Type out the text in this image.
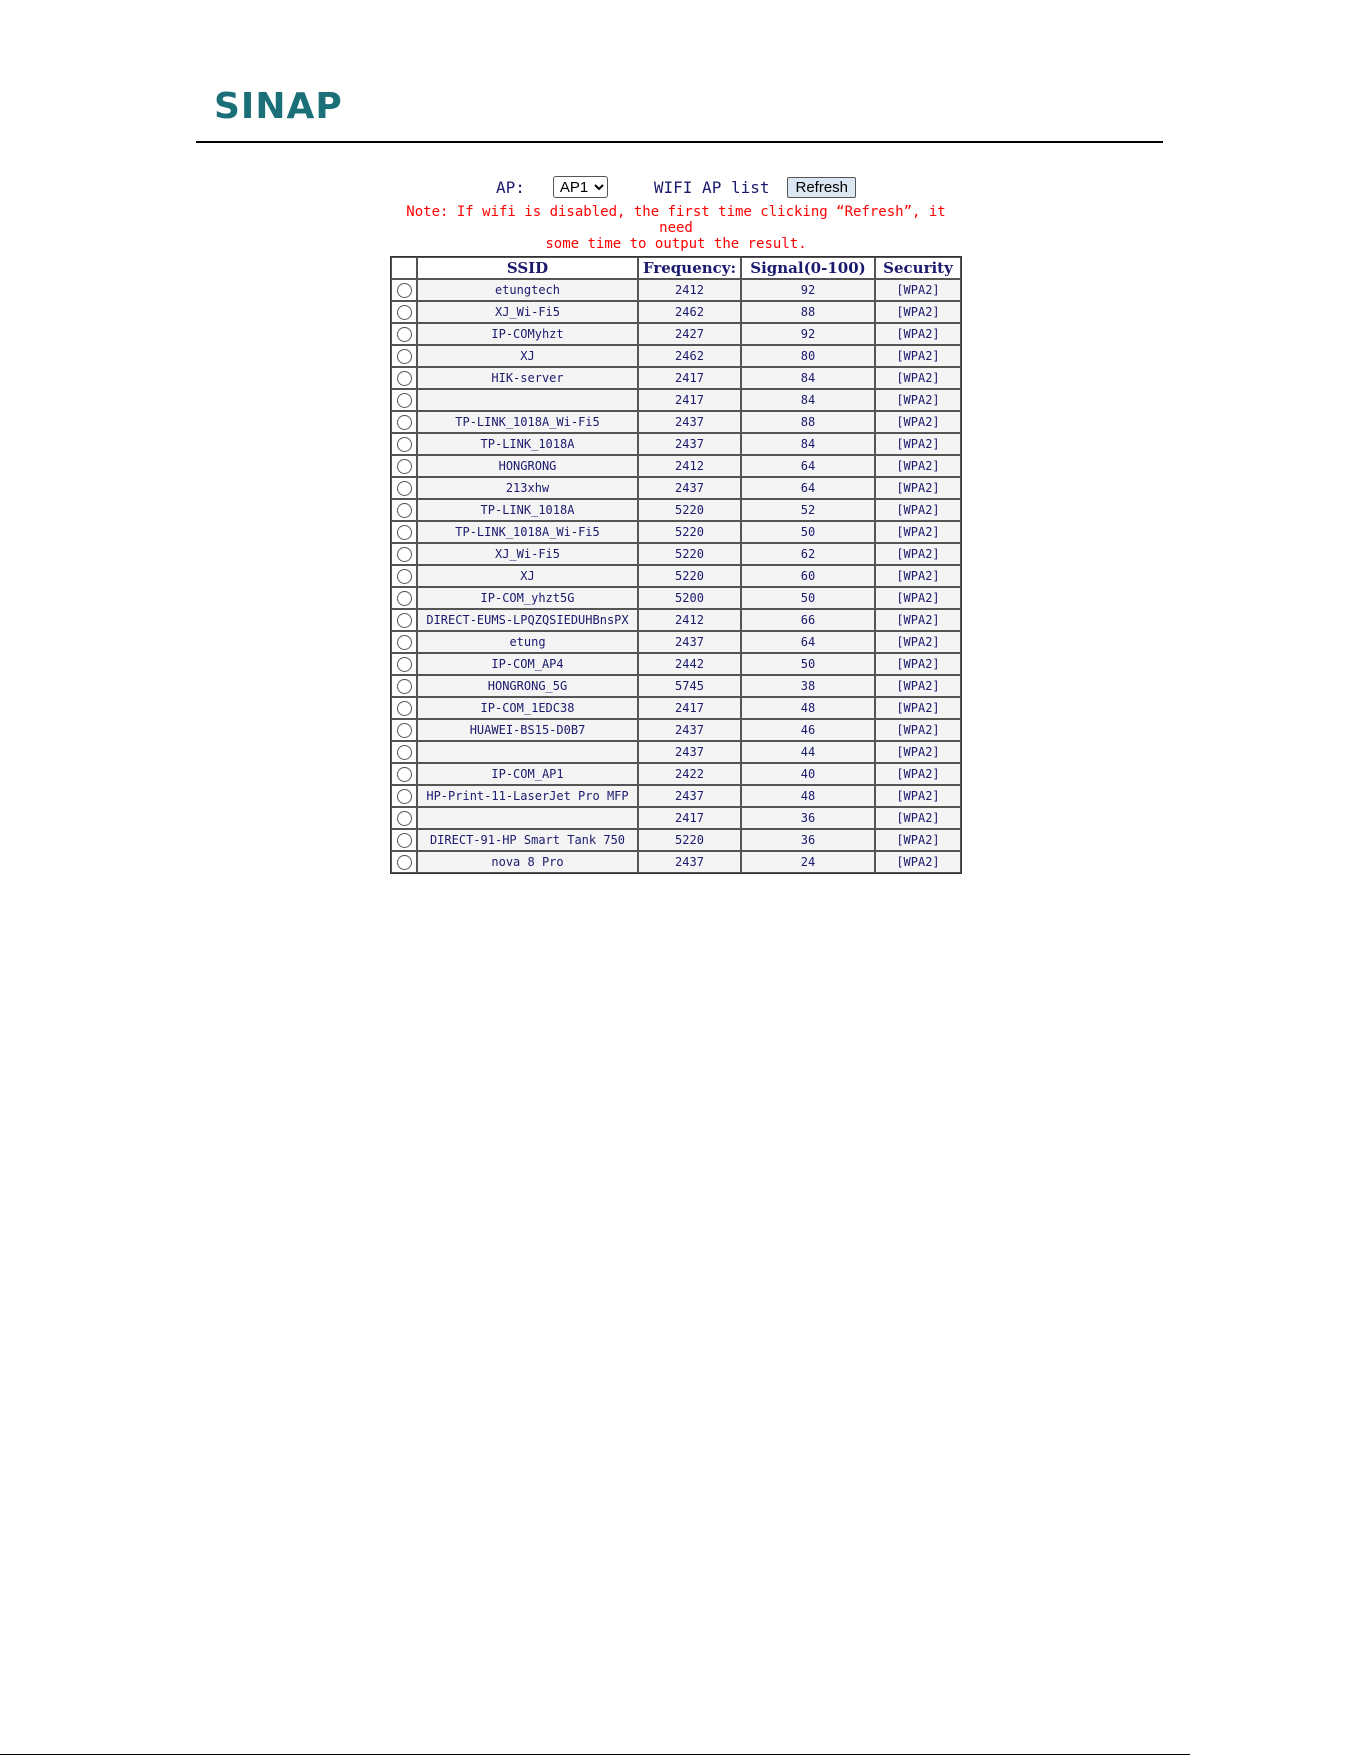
SINAP
AP:
AP1	WIFI AP list	Refresh
Note: If wifi is disabled, the first time clicking “Refresh”, it need
some time to output the result.
	SSID	Frequency:	Signal(0-100)	Security
	etungtech	2412	92	[WPA2]
	XJ_Wi-Fi5	2462	88	[WPA2]
	IP-COMyhzt	2427	92	[WPA2]
	XJ	2462	80	[WPA2]
	HIK-server	2417	84	[WPA2]
		2417	84	[WPA2]
	TP-LINK_1018A_Wi-Fi5	2437	88	[WPA2]
	TP-LINK_1018A	2437	84	[WPA2]
	HONGRONG	2412	64	[WPA2]
	213xhw	2437	64	[WPA2]
	TP-LINK_1018A	5220	52	[WPA2]
	TP-LINK_1018A_Wi-Fi5	5220	50	[WPA2]
	XJ_Wi-Fi5	5220	62	[WPA2]
	XJ	5220	60	[WPA2]
	IP-COM_yhzt5G	5200	50	[WPA2]
	DIRECT-EUMS-LPQZQSIEDUHBnsPX	2412	66	[WPA2]
	etung	2437	64	[WPA2]
	IP-COM_AP4	2442	50	[WPA2]
	HONGRONG_5G	5745	38	[WPA2]
	IP-COM_1EDC38	2417	48	[WPA2]
	HUAWEI-BS15-D0B7	2437	46	[WPA2]
		2437	44	[WPA2]
	IP-COM_AP1	2422	40	[WPA2]
	HP-Print-11-LaserJet Pro MFP	2437	48	[WPA2]
		2417	36	[WPA2]
	DIRECT-91-HP Smart Tank 750	5220	36	[WPA2]
	nova 8 Pro	2437	24	[WPA2]
